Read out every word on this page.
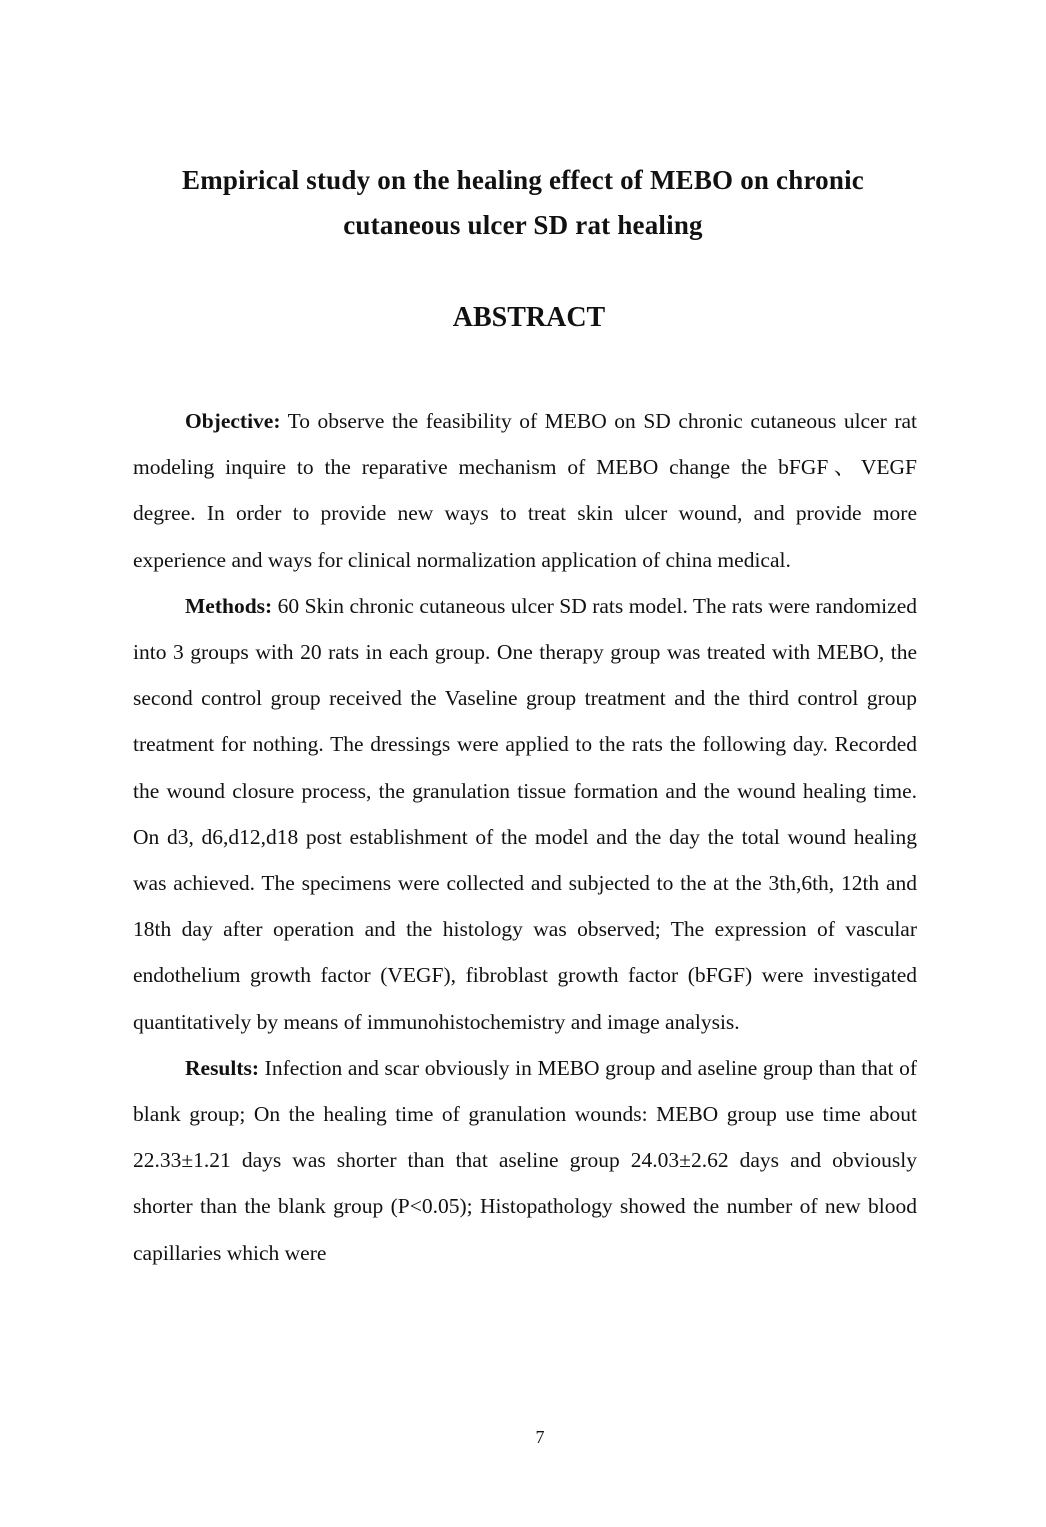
Empirical study on the healing effect of MEBO on chronic
cutaneous ulcer SD rat healing
ABSTRACT

Objective: To observe the feasibility of MEBO on SD chronic cutaneous ulcer rat modeling inquire to the reparative mechanism of MEBO change the bFGF、VEGF degree. In order to provide new ways to treat skin ulcer wound, and provide more experience and ways for clinical normalization application of china medical.

Methods: 60 Skin chronic cutaneous ulcer SD rats model. The rats were randomized into 3 groups with 20 rats in each group. One therapy group was treated with MEBO, the second control group received the Vaseline group treatment and the third control group treatment for nothing. The dressings were applied to the rats the following day. Recorded the wound closure process, the granulation tissue formation and the wound healing time. On d3, d6,d12,d18 post establishment of the model and the day the total wound healing was achieved. The specimens were collected and subjected to the at the 3th,6th, 12th and 18th day after operation and the histology was observed; The expression of vascular endothelium growth factor (VEGF), fibroblast growth factor (bFGF) were investigated quantitatively by means of immunohistochemistry and image analysis.

Results: Infection and scar obviously in MEBO group and aseline group than that of blank group; On the healing time of granulation wounds: MEBO group use time about 22.33±1.21 days was shorter than that aseline group 24.03±2.62 days and obviously shorter than the blank group (P<0.05); Histopathology showed the number of new blood capillaries which were

7
